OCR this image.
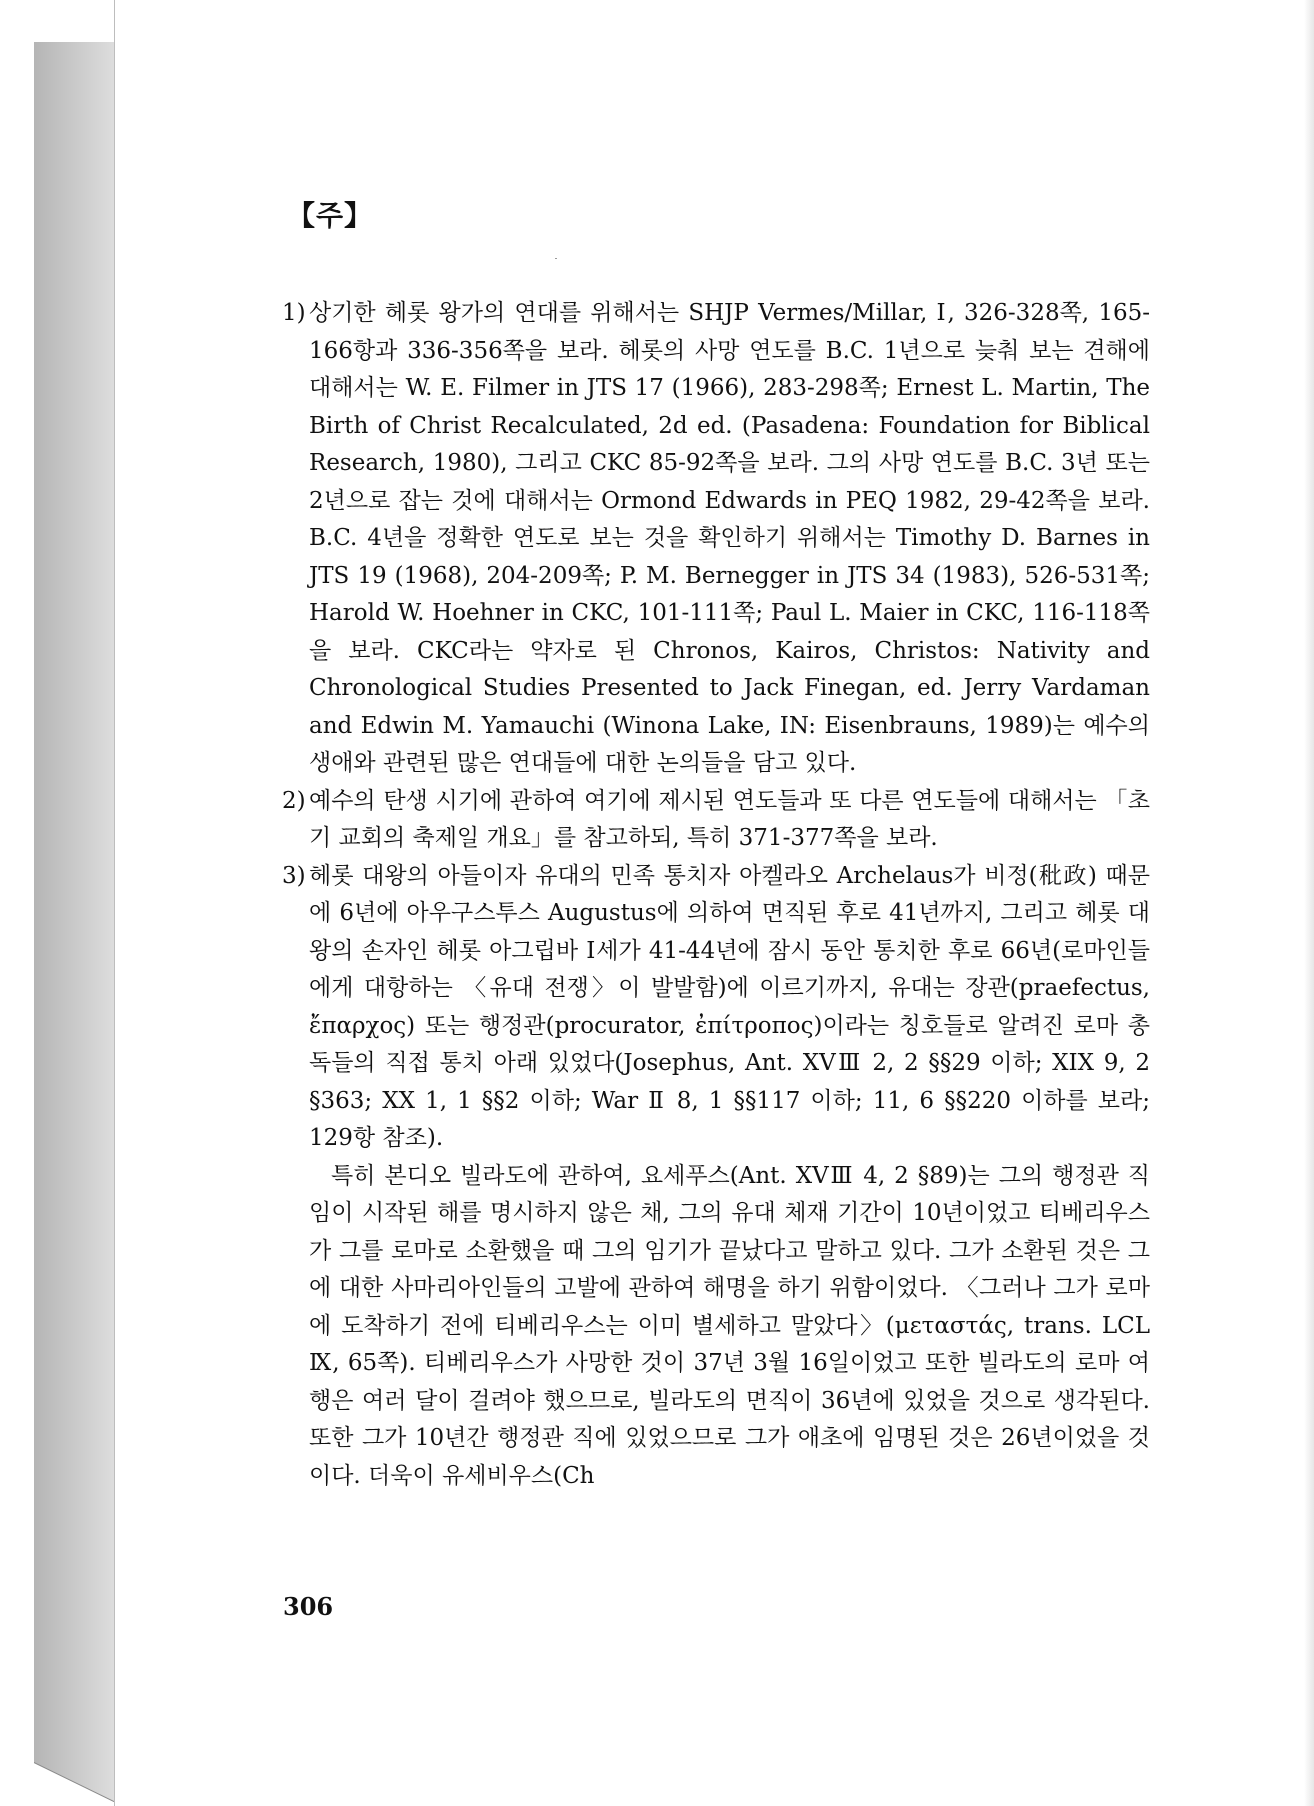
【주】
1) 상기한 헤롯 왕가의 연대를 위해서는 SHJP Vermes/Millar, Ⅰ, 326-328쪽, 165-166항과 336-356쪽을 보라. 헤롯의 사망 연도를 B.C. 1년으로 늦춰 보는 견해에 대해서는 W. E. Filmer in JTS 17 (1966), 283-298쪽; Ernest L. Martin, The Birth of Christ Recalculated, 2d ed. (Pasadena: Foundation for Biblical Research, 1980), 그리고 CKC 85-92쪽을 보라. 그의 사망 연도를 B.C. 3년 또는 2년으로 잡는 것에 대해서는 Ormond Edwards in PEQ 1982, 29-42쪽을 보라. B.C. 4년을 정확한 연도로 보는 것을 확인하기 위해서는 Timothy D. Barnes in JTS 19 (1968), 204-209쪽; P. M. Bernegger in JTS 34 (1983), 526-531쪽; Harold W. Hoehner in CKC, 101-111쪽; Paul L. Maier in CKC, 116-118쪽을 보라. CKC라는 약자로 된 Chronos, Kairos, Christos: Nativity and Chronological Studies Presented to Jack Finegan, ed. Jerry Vardaman and Edwin M. Yamauchi (Winona Lake, IN: Eisenbrauns, 1989)는 예수의 생애와 관련된 많은 연대들에 대한 논의들을 담고 있다.
2) 예수의 탄생 시기에 관하여 여기에 제시된 연도들과 또 다른 연도들에 대해서는 「초기 교회의 축제일 개요」를 참고하되, 특히 371-377쪽을 보라.
3) 헤롯 대왕의 아들이자 유대의 민족 통치자 아켈라오 Archelaus가 비정(秕政) 때문에 6년에 아우구스투스 Augustus에 의하여 면직된 후로 41년까지, 그리고 헤롯 대왕의 손자인 헤롯 아그립바 Ⅰ세가 41-44년에 잠시 동안 통치한 후로 66년(로마인들에게 대항하는 〈유대 전쟁〉이 발발함)에 이르기까지, 유대는 장관(praefectus, ἔπαρχος) 또는 행정관(procurator, ἐπίτροπος)이라는 칭호들로 알려진 로마 총독들의 직접 통치 아래 있었다(Josephus, Ant. XVⅢ 2, 2 §§29 이하; XIX 9, 2 §363; XX 1, 1 §§2 이하; War Ⅱ 8, 1 §§117 이하; 11, 6 §§220 이하를 보라; 129항 참조).
특히 본디오 빌라도에 관하여, 요세푸스(Ant. XVⅢ 4, 2 §89)는 그의 행정관 직임이 시작된 해를 명시하지 않은 채, 그의 유대 체재 기간이 10년이었고 티베리우스가 그를 로마로 소환했을 때 그의 임기가 끝났다고 말하고 있다. 그가 소환된 것은 그에 대한 사마리아인들의 고발에 관하여 해명을 하기 위함이었다. 〈그러나 그가 로마에 도착하기 전에 티베리우스는 이미 별세하고 말았다〉(μεταστάς, trans. LCL Ⅸ, 65쪽). 티베리우스가 사망한 것이 37년 3월 16일이었고 또한 빌라도의 로마 여행은 여러 달이 걸려야 했으므로, 빌라도의 면직이 36년에 있었을 것으로 생각된다. 또한 그가 10년간 행정관 직에 있었으므로 그가 애초에 임명된 것은 26년이었을 것이다. 더욱이 유세비우스(Ch
306
